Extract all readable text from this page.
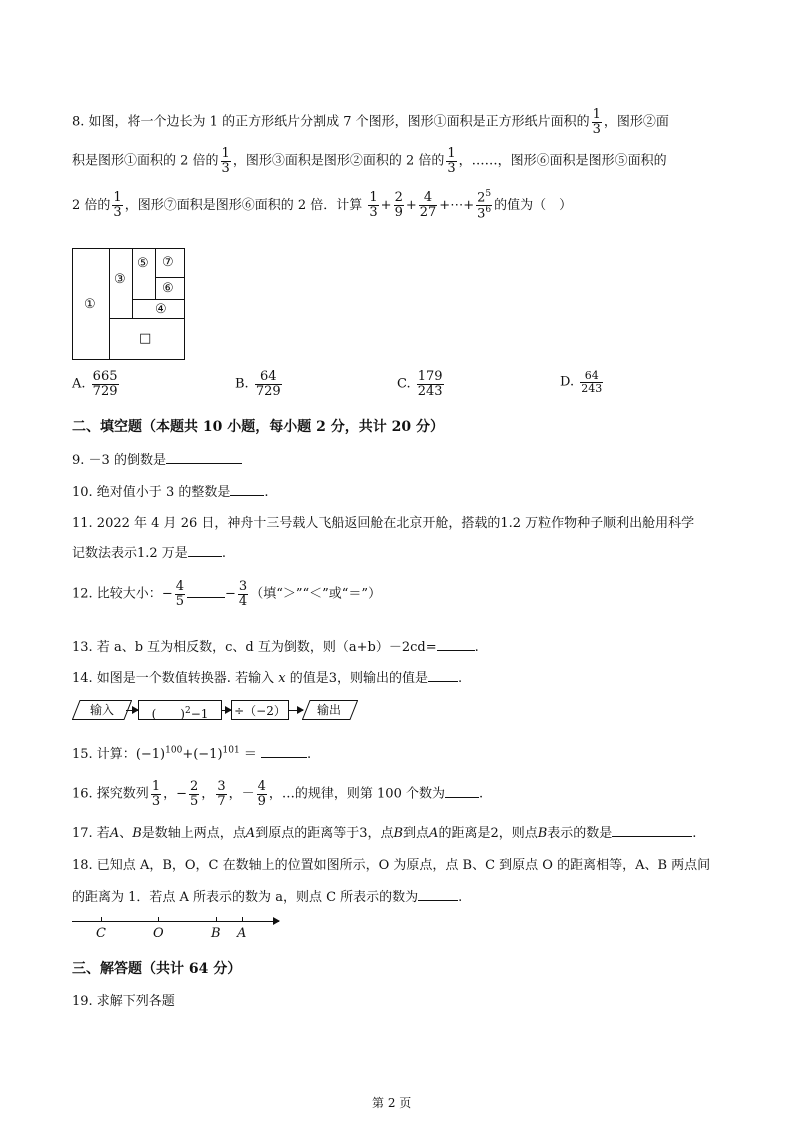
8. 如图，将一个边长为 1 的正方形纸片分割成 7 个图形，图形①面积是正方形纸片面积的 $\frac{1}{3}$ ，图形②面
积是图形①面积的 2 倍的 $\frac{1}{3}$ ，图形③面积是图形②面积的 2 倍的 $\frac{1}{3}$ ，……，图形⑥面积是图形⑤面积的
2 倍的 $\frac{1}{3}$ ，图形⑦面积是图形⑥面积的 2 倍．计算 $\frac{1}{3} + \frac{2}{9} + \frac{4}{27}$ +⋯+ $\frac{2^5}{3^6}$ 的值为（　）
①
③
⑤ ⑦
⑥
④
□
A. $\frac{665}{729}$	B. $\frac{64}{729}$	C. $\frac{179}{243}$	D. $\frac{64}{243}$
二、填空题（本题共 10 小题，每小题 2 分，共计 20 分）
9. －3 的倒数是
10. 绝对值小于 3 的整数是	.
11. 2022 年 4 月 26 日，神舟十三号载人飞船返回舱在北京开舱，搭载的1.2 万粒作物种子顺利出舱用科学
记数法表示1.2 万是	.
12. 比较大小：− $\frac{4}{5}$	− $\frac{3}{4}$ （填“＞”“＜”或“＝”）
13. 若 a、b 互为相反数，c、d 互为倒数，则（a+b）－2cd=	.
14. 如图是一个数值转换器. 若输入 x 的值是3，则输出的值是 .
输入	(　　)$^2$−1	÷（−2）	输出
15. 计算：$(-1)^{100}+(-1)^{101}$ ＝	.
16. 探究数列 $\frac{1}{3}$ ，− $\frac{2}{5}$ ， $\frac{3}{7}$ ，－ $\frac{4}{9}$ ，…的规律，则第 100 个数为	.
17. 若A、B是数轴上两点，点A到原点的距离等于3，点B到点A的距离是2，则点B表示的数是	.
18. 已知点 A，B，O，C 在数轴上的位置如图所示，O 为原点，点 B、C 到原点 O 的距离相等，A、B 两点间
的距离为 1．若点 A 所表示的数为 a，则点 C 所表示的数为	.
C	O	B A
三、解答题（共计 64 分）
19. 求解下列各题
第 2 页
